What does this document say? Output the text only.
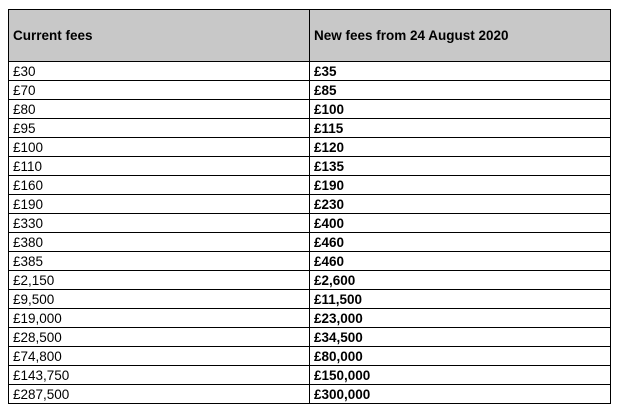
Current fees	New fees from 24 August 2020
£30	£35
£70	£85
£80	£100
£95	£115
£100	£120
£110	£135
£160	£190
£190	£230
£330	£400
£380	£460
£385	£460
£2,150	£2,600
£9,500	£11,500
£19,000	£23,000
£28,500	£34,500
£74,800	£80,000
£143,750	£150,000
£287,500	£300,000
